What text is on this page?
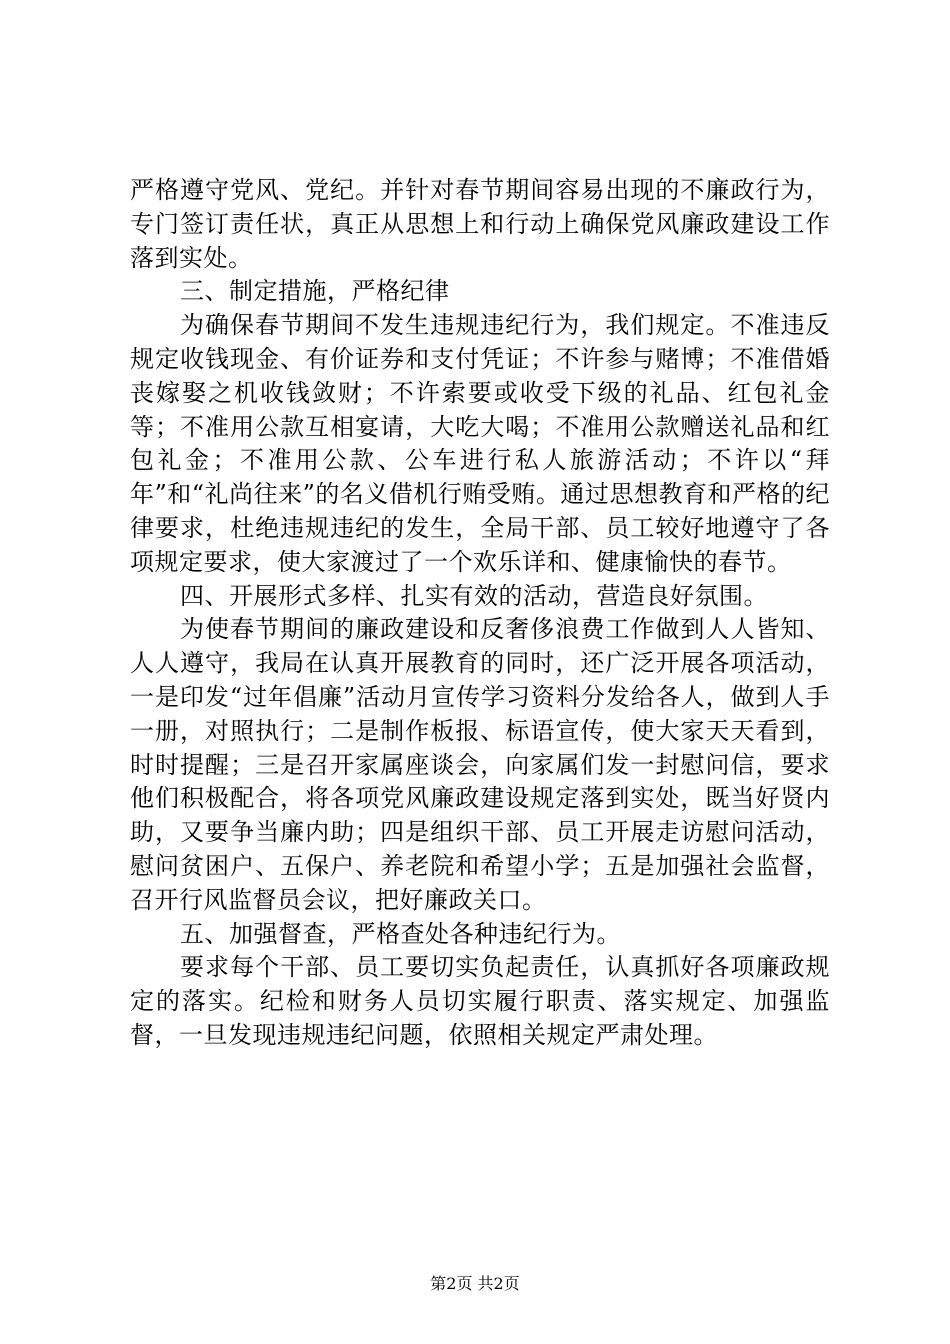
严格遵守党风、党纪。并针对春节期间容易出现的不廉政行为，专门签订责任状，真正从思想上和行动上确保党风廉政建设工作落到实处。

三、制定措施，严格纪律

为确保春节期间不发生违规违纪行为，我们规定。不准违反规定收钱现金、有价证券和支付凭证；不许参与赌博；不准借婚丧嫁娶之机收钱敛财；不许索要或收受下级的礼品、红包礼金等；不准用公款互相宴请，大吃大喝；不准用公款赠送礼品和红包礼金；不准用公款、公车进行私人旅游活动；不许以“拜年”和“礼尚往来”的名义借机行贿受贿。通过思想教育和严格的纪律要求，杜绝违规违纪的发生，全局干部、员工较好地遵守了各项规定要求，使大家渡过了一个欢乐详和、健康愉快的春节。

四、开展形式多样、扎实有效的活动，营造良好氛围。

为使春节期间的廉政建设和反奢侈浪费工作做到人人皆知、人人遵守，我局在认真开展教育的同时，还广泛开展各项活动，一是印发“过年倡廉”活动月宣传学习资料分发给各人，做到人手一册，对照执行；二是制作板报、标语宣传，使大家天天看到，时时提醒；三是召开家属座谈会，向家属们发一封慰问信，要求他们积极配合，将各项党风廉政建设规定落到实处，既当好贤内助，又要争当廉内助；四是组织干部、员工开展走访慰问活动，慰问贫困户、五保户、养老院和希望小学；五是加强社会监督，召开行风监督员会议，把好廉政关口。

五、加强督查，严格查处各种违纪行为。

要求每个干部、员工要切实负起责任，认真抓好各项廉政规定的落实。纪检和财务人员切实履行职责、落实规定、加强监督，一旦发现违规违纪问题，依照相关规定严肃处理。

第2页 共2页
